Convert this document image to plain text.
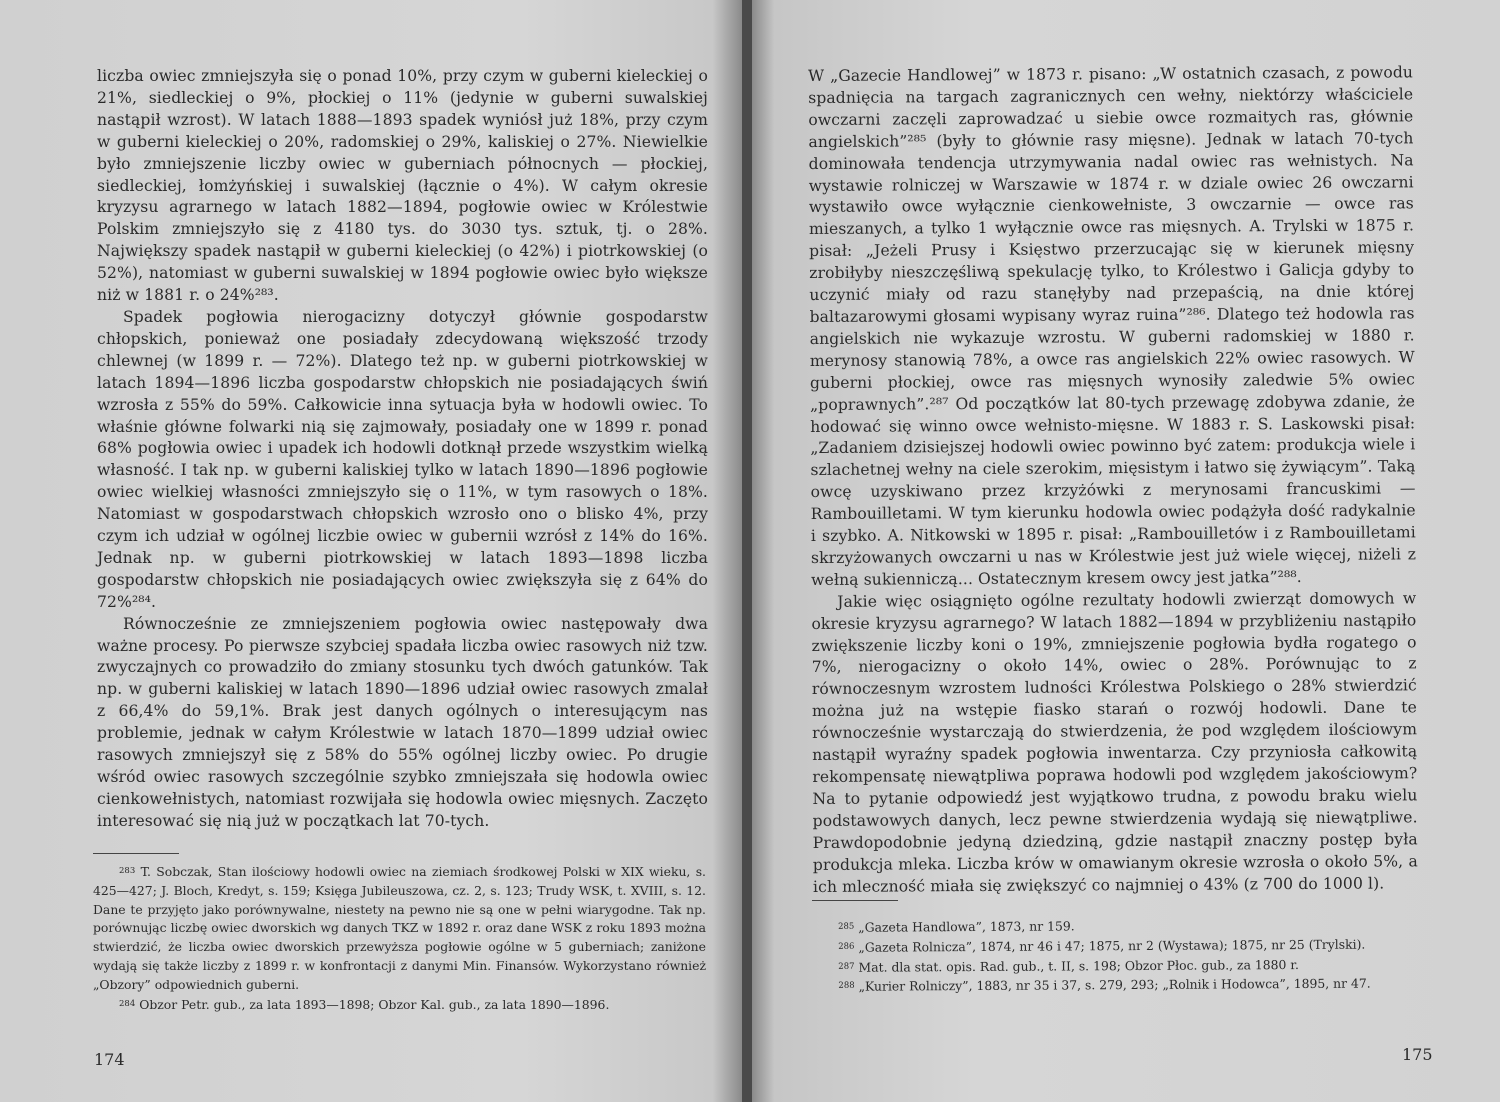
liczba owiec zmniejszyła się o ponad 10%, przy czym w guberni kieleckiej o 21%, siedleckiej o 9%, płockiej o 11% (jedynie w guberni suwalskiej nastąpił wzrost). W latach 1888—1893 spadek wyniósł już 18%, przy czym w guberni kieleckiej o 20%, radomskiej o 29%, kaliskiej o 27%. Niewielkie było zmniejszenie liczby owiec w guberniach północnych — płockiej, siedleckiej, łomżyńskiej i suwalskiej (łącznie o 4%). W całym okresie kryzysu agrarnego w latach 1882—1894, pogłowie owiec w Królestwie Polskim zmniejszyło się z 4180 tys. do 3030 tys. sztuk, tj. o 28%. Największy spadek nastąpił w guberni kieleckiej (o 42%) i piotrkowskiej (o 52%), natomiast w guberni suwalskiej w 1894 pogłowie owiec było większe niż w 1881 r. o 24%²⁸³.

Spadek pogłowia nierogacizny dotyczył głównie gospodarstw chłopskich, ponieważ one posiadały zdecydowaną większość trzody chlewnej (w 1899 r. — 72%). Dlatego też np. w guberni piotrkowskiej w latach 1894—1896 liczba gospodarstw chłopskich nie posiadających świń wzrosła z 55% do 59%. Całkowicie inna sytuacja była w hodowli owiec. To właśnie główne folwarki nią się zajmowały, posiadały one w 1899 r. ponad 68% pogłowia owiec i upadek ich hodowli dotknął przede wszystkim wielką własność. I tak np. w guberni kaliskiej tylko w latach 1890—1896 pogłowie owiec wielkiej własności zmniejszyło się o 11%, w tym rasowych o 18%. Natomiast w gospodarstwach chłopskich wzrosło ono o blisko 4%, przy czym ich udział w ogólnej liczbie owiec w gubernii wzrósł z 14% do 16%. Jednak np. w guberni piotrkowskiej w latach 1893—1898 liczba gospodarstw chłopskich nie posiadających owiec zwiększyła się z 64% do 72%²⁸⁴.

Równocześnie ze zmniejszeniem pogłowia owiec następowały dwa ważne procesy. Po pierwsze szybciej spadała liczba owiec rasowych niż tzw. zwyczajnych co prowadziło do zmiany stosunku tych dwóch gatunków. Tak np. w guberni kaliskiej w latach 1890—1896 udział owiec rasowych zmalał z 66,4% do 59,1%. Brak jest danych ogólnych o interesującym nas problemie, jednak w całym Królestwie w latach 1870—1899 udział owiec rasowych zmniejszył się z 58% do 55% ogólnej liczby owiec. Po drugie wśród owiec rasowych szczególnie szybko zmniejszała się hodowla owiec cienkowełnistych, natomiast rozwijała się hodowla owiec mięsnych. Zaczęto interesować się nią już w początkach lat 70-tych.

$^{283}$ T. Sobczak, Stan ilościowy hodowli owiec na ziemiach środkowej Polski w XIX wieku, s. 425—427; J. Bloch, Kredyt, s. 159; Księga Jubileuszowa, cz. 2, s. 123; Trudy WSK, t. XVIII, s. 12. Dane te przyjęto jako porównywalne, niestety na pewno nie są one w pełni wiarygodne. Tak np. porównując liczbę owiec dworskich wg danych TKZ w 1892 r. oraz dane WSK z roku 1893 można stwierdzić, że liczba owiec dworskich przewyższa pogłowie ogólne w 5 guberniach; zaniżone wydają się także liczby z 1899 r. w konfrontacji z danymi Min. Finansów. Wykorzystano również „Obzory” odpowiednich guberni.

$^{284}$ Obzor Petr. gub., za lata 1893—1898; Obzor Kal. gub., za lata 1890—1896.

174

W „Gazecie Handlowej” w 1873 r. pisano: „W ostatnich czasach, z powodu spadnięcia na targach zagranicznych cen wełny, niektórzy właściciele owczarni zaczęli zaprowadzać u siebie owce rozmaitych ras, głównie angielskich”²⁸⁵ (były to głównie rasy mięsne). Jednak w latach 70-tych dominowała tendencja utrzymywania nadal owiec ras wełnistych. Na wystawie rolniczej w Warszawie w 1874 r. w dziale owiec 26 owczarni wystawiło owce wyłącznie cienkowełniste, 3 owczarnie — owce ras mieszanych, a tylko 1 wyłącznie owce ras mięsnych. A. Trylski w 1875 r. pisał: „Jeżeli Prusy i Księstwo przerzucając się w kierunek mięsny zrobiłyby nieszczęśliwą spekulację tylko, to Królestwo i Galicja gdyby to uczynić miały od razu stanęłyby nad przepaścią, na dnie której baltazarowymi głosami wypisany wyraz ruina”²⁸⁶. Dlatego też hodowla ras angielskich nie wykazuje wzrostu. W guberni radomskiej w 1880 r. merynosy stanowią 78%, a owce ras angielskich 22% owiec rasowych. W guberni płockiej, owce ras mięsnych wynosiły zaledwie 5% owiec „poprawnych”.²⁸⁷ Od początków lat 80-tych przewagę zdobywa zdanie, że hodować się winno owce wełnisto-mięsne. W 1883 r. S. Laskowski pisał: „Zadaniem dzisiejszej hodowli owiec powinno być zatem: produkcja wiele i szlachetnej wełny na ciele szerokim, mięsistym i łatwo się żywiącym”. Taką owcę uzyskiwano przez krzyżówki z merynosami francuskimi — Rambouilletami. W tym kierunku hodowla owiec podążyła dość radykalnie i szybko. A. Nitkowski w 1895 r. pisał: „Rambouilletów i z Rambouilletami skrzyżowanych owczarni u nas w Królestwie jest już wiele więcej, niżeli z wełną sukienniczą... Ostatecznym kresem owcy jest jatka”²⁸⁸.

Jakie więc osiągnięto ogólne rezultaty hodowli zwierząt domowych w okresie kryzysu agrarnego? W latach 1882—1894 w przybliżeniu nastąpiło zwiększenie liczby koni o 19%, zmniejszenie pogłowia bydła rogatego o 7%, nierogacizny o około 14%, owiec o 28%. Porównując to z równoczesnym wzrostem ludności Królestwa Polskiego o 28% stwierdzić można już na wstępie fiasko starań o rozwój hodowli. Dane te równocześnie wystarczają do stwierdzenia, że pod względem ilościowym nastąpił wyraźny spadek pogłowia inwentarza. Czy przyniosła całkowitą rekompensatę niewątpliwa poprawa hodowli pod względem jakościowym? Na to pytanie odpowiedź jest wyjątkowo trudna, z powodu braku wielu podstawowych danych, lecz pewne stwierdzenia wydają się niewątpliwe. Prawdopodobnie jedyną dziedziną, gdzie nastąpił znaczny postęp była produkcja mleka. Liczba krów w omawianym okresie wzrosła o około 5%, a ich mleczność miała się zwiększyć co najmniej o 43% (z 700 do 1000 l).

$^{285}$ „Gazeta Handlowa”, 1873, nr 159.

$^{286}$ „Gazeta Rolnicza”, 1874, nr 46 i 47; 1875, nr 2 (Wystawa); 1875, nr 25 (Trylski).

$^{287}$ Mat. dla stat. opis. Rad. gub., t. II, s. 198; Obzor Płoc. gub., za 1880 r.

$^{288}$ „Kurier Rolniczy”, 1883, nr 35 i 37, s. 279, 293; „Rolnik i Hodowca”, 1895, nr 47.

175
